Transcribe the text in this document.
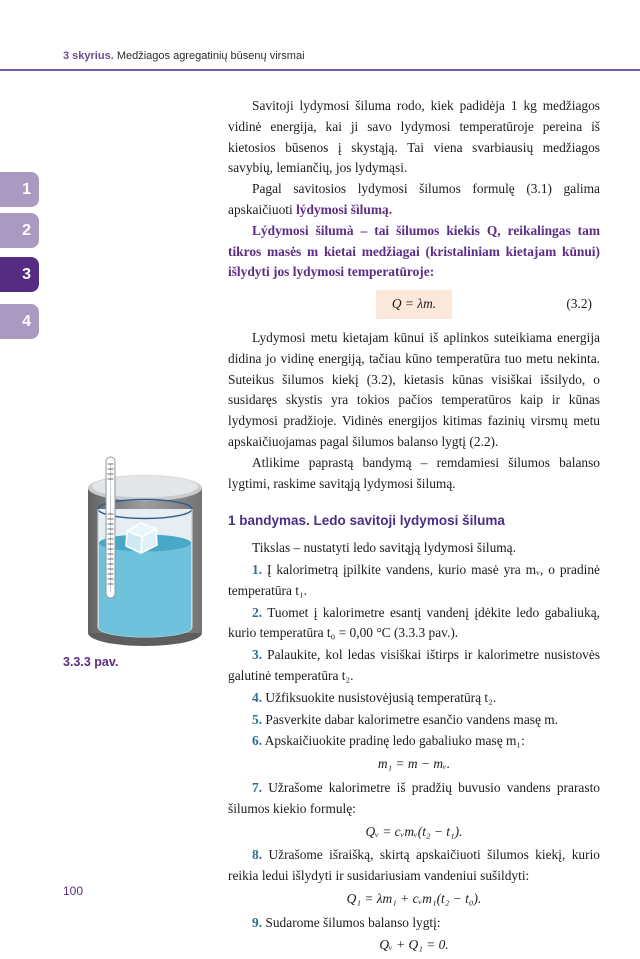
3 skyrius. Medžiagos agregatinių būsenų virsmai
1
2
3
4
3.3.3 pav.

Savitoji lydymosi šiluma rodo, kiek padidėja 1 kg medžiagos vidinė energija, kai ji savo lydymosi temperatūroje pereina iš kietosios būsenos į skystąją. Tai viena svarbiausių medžiagos savybių, lemiančių, jos lydymąsi.

Pagal savitosios lydymosi šilumos formulę (3.1) galima apskaičiuoti lýdymosi šìlumą.

Lýdymosi šilumà – tai šilumos kiekis Q, reikalingas tam tikros masės m kietai medžiagai (kristaliniam kietajam kūnui) išlydyti jos lydymosi temperatūroje:

Q = λm.	(3.2)

Lydymosi metu kietajam kūnui iš aplinkos suteikiama energija didina jo vidinę energiją, tačiau kūno temperatūra tuo metu nekinta. Suteikus šilumos kiekį (3.2), kietasis kūnas visiškai išsilydo, o susidaręs skystis yra tokios pačios temperatūros kaip ir kūnas lydymosi pradžioje. Vidinės energijos kitimas fazinių virsmų metu apskaičiuojamas pagal šilumos balanso lygtį (2.2).

Atlikime paprastą bandymą – remdamiesi šilumos balanso lygtimi, raskime savitąją lydymosi šilumą.

1 bandymas. Ledo savitoji lydymosi šiluma

Tikslas – nustatyti ledo savitąją lydymosi šilumą.

1. Į kalorimetrą įpilkite vandens, kurio masė yra mᵥ, o pradinė temperatūra t₁.

2. Tuomet į kalorimetre esantį vandenį įdėkite ledo gabaliuką, kurio temperatūra t₀ = 0,00 °C (3.3.3 pav.).

3. Palaukite, kol ledas visiškai ištirps ir kalorimetre nusistovės galutinė temperatūra t₂.

4. Užfiksuokite nusistovėjusią temperatūrą t₂.

5. Pasverkite dabar kalorimetre esančio vandens masę m.

6. Apskaičiuokite pradinę ledo gabaliuko masę m₁:

m₁ = m − mᵥ.

7. Užrašome kalorimetre iš pradžių buvusio vandens prarasto šilumos kiekio formulę:

Qᵥ = cᵥmᵥ(t₂ − t₁).

8. Užrašome išraišką, skirtą apskaičiuoti šilumos kiekį, kurio reikia ledui išlydyti ir susidariusiam vandeniui sušildyti:

Q₁ = λm₁ + cᵥm₁(t₂ − t₀).

9. Sudarome šilumos balanso lygtį:

Qᵥ + Q₁ = 0.

100
